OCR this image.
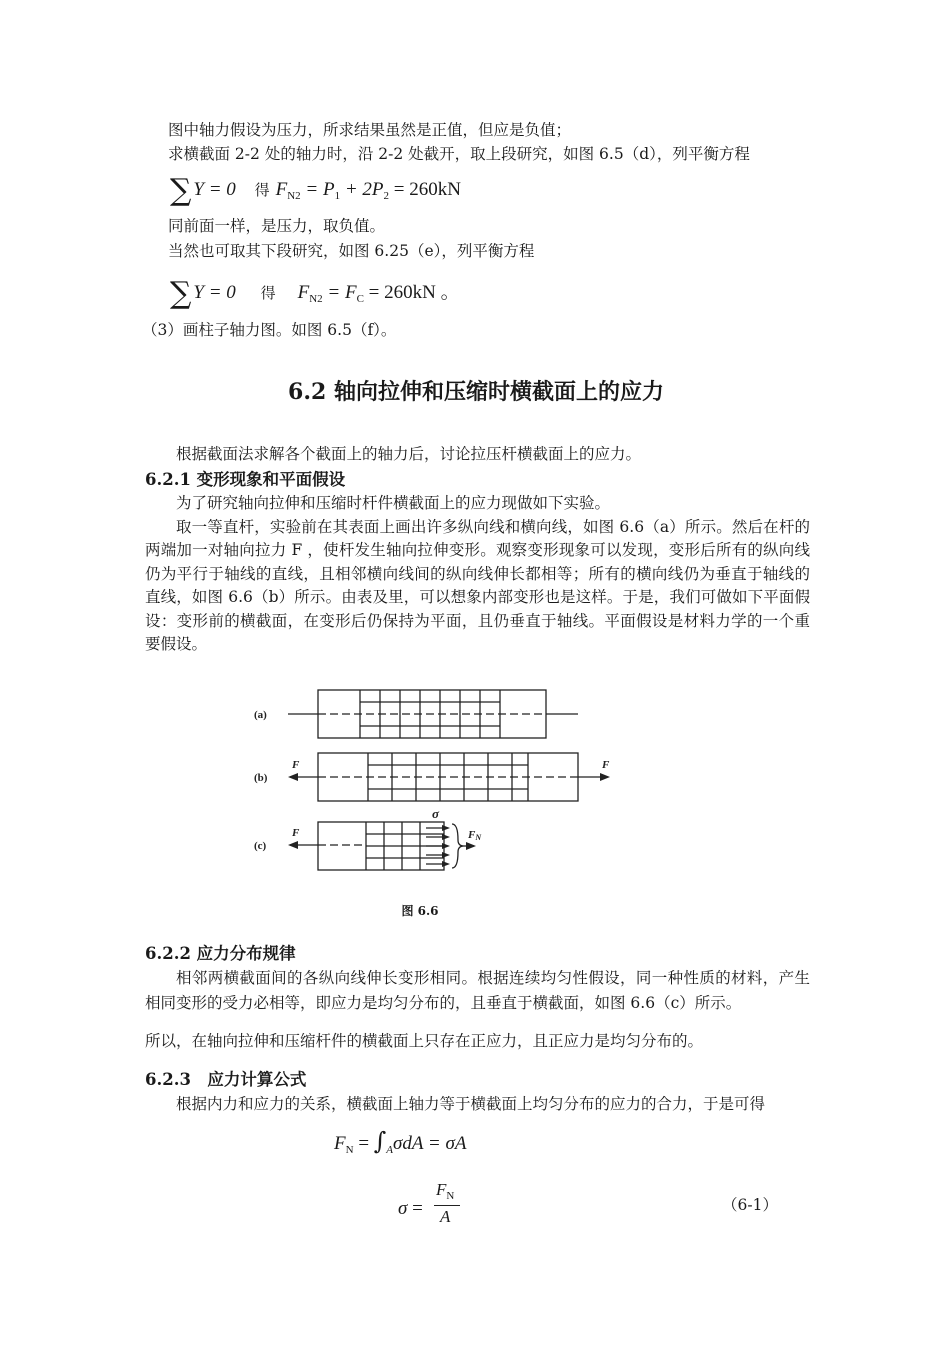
图中轴力假设为压力，所求结果虽然是正值，但应是负值；
求横截面 2-2 处的轴力时，沿 2-2 处截开，取上段研究，如图 6.5（d），列平衡方程
∑ Y = 0 得 $F_{N2} = P_1 + 2P_2 = 260kN$
同前面一样，是压力，取负值。
当然也可取其下段研究，如图 6.25（e），列平衡方程
∑ Y = 0 得 $F_{N2} = F_C = 260kN$ 。
（3）画柱子轴力图。如图 6.5（f）。
6.2 轴向拉伸和压缩时横截面上的应力
根据截面法求解各个截面上的轴力后，讨论拉压杆横截面上的应力。
6.2.1 变形现象和平面假设
为了研究轴向拉伸和压缩时杆件横截面上的应力现做如下实验。
取一等直杆，实验前在其表面上画出许多纵向线和横向线，如图 6.6（a）所示。然后在杆的两端加一对轴向拉力 F ，使杆发生轴向拉伸变形。观察变形现象可以发现，变形后所有的纵向线仍为平行于轴线的直线，且相邻横向线间的纵向线伸长都相等；所有的横向线仍为垂直于轴线的直线，如图 6.6（b）所示。由表及里，可以想象内部变形也是这样。于是，我们可做如下平面假设：变形前的横截面，在变形后仍保持为平面，且仍垂直于轴线。平面假设是材料力学的一个重要假设。
(a)
(b)
(c)
F	F
F
σ
FN
图 6.6
6.2.2 应力分布规律
相邻两横截面间的各纵向线伸长变形相同。根据连续均匀性假设，同一种性质的材料，产生相同变形的受力必相等，即应力是均匀分布的，且垂直于横截面，如图 6.6（c）所示。
所以，在轴向拉伸和压缩杆件的横截面上只存在正应力，且正应力是均匀分布的。
6.2.3　应力计算公式
根据内力和应力的关系，横截面上轴力等于横截面上均匀分布的应力的合力，于是可得
$F_N = \int_A\sigma dA = \sigma A$
σ =
$F_N$
A
（6-1）
